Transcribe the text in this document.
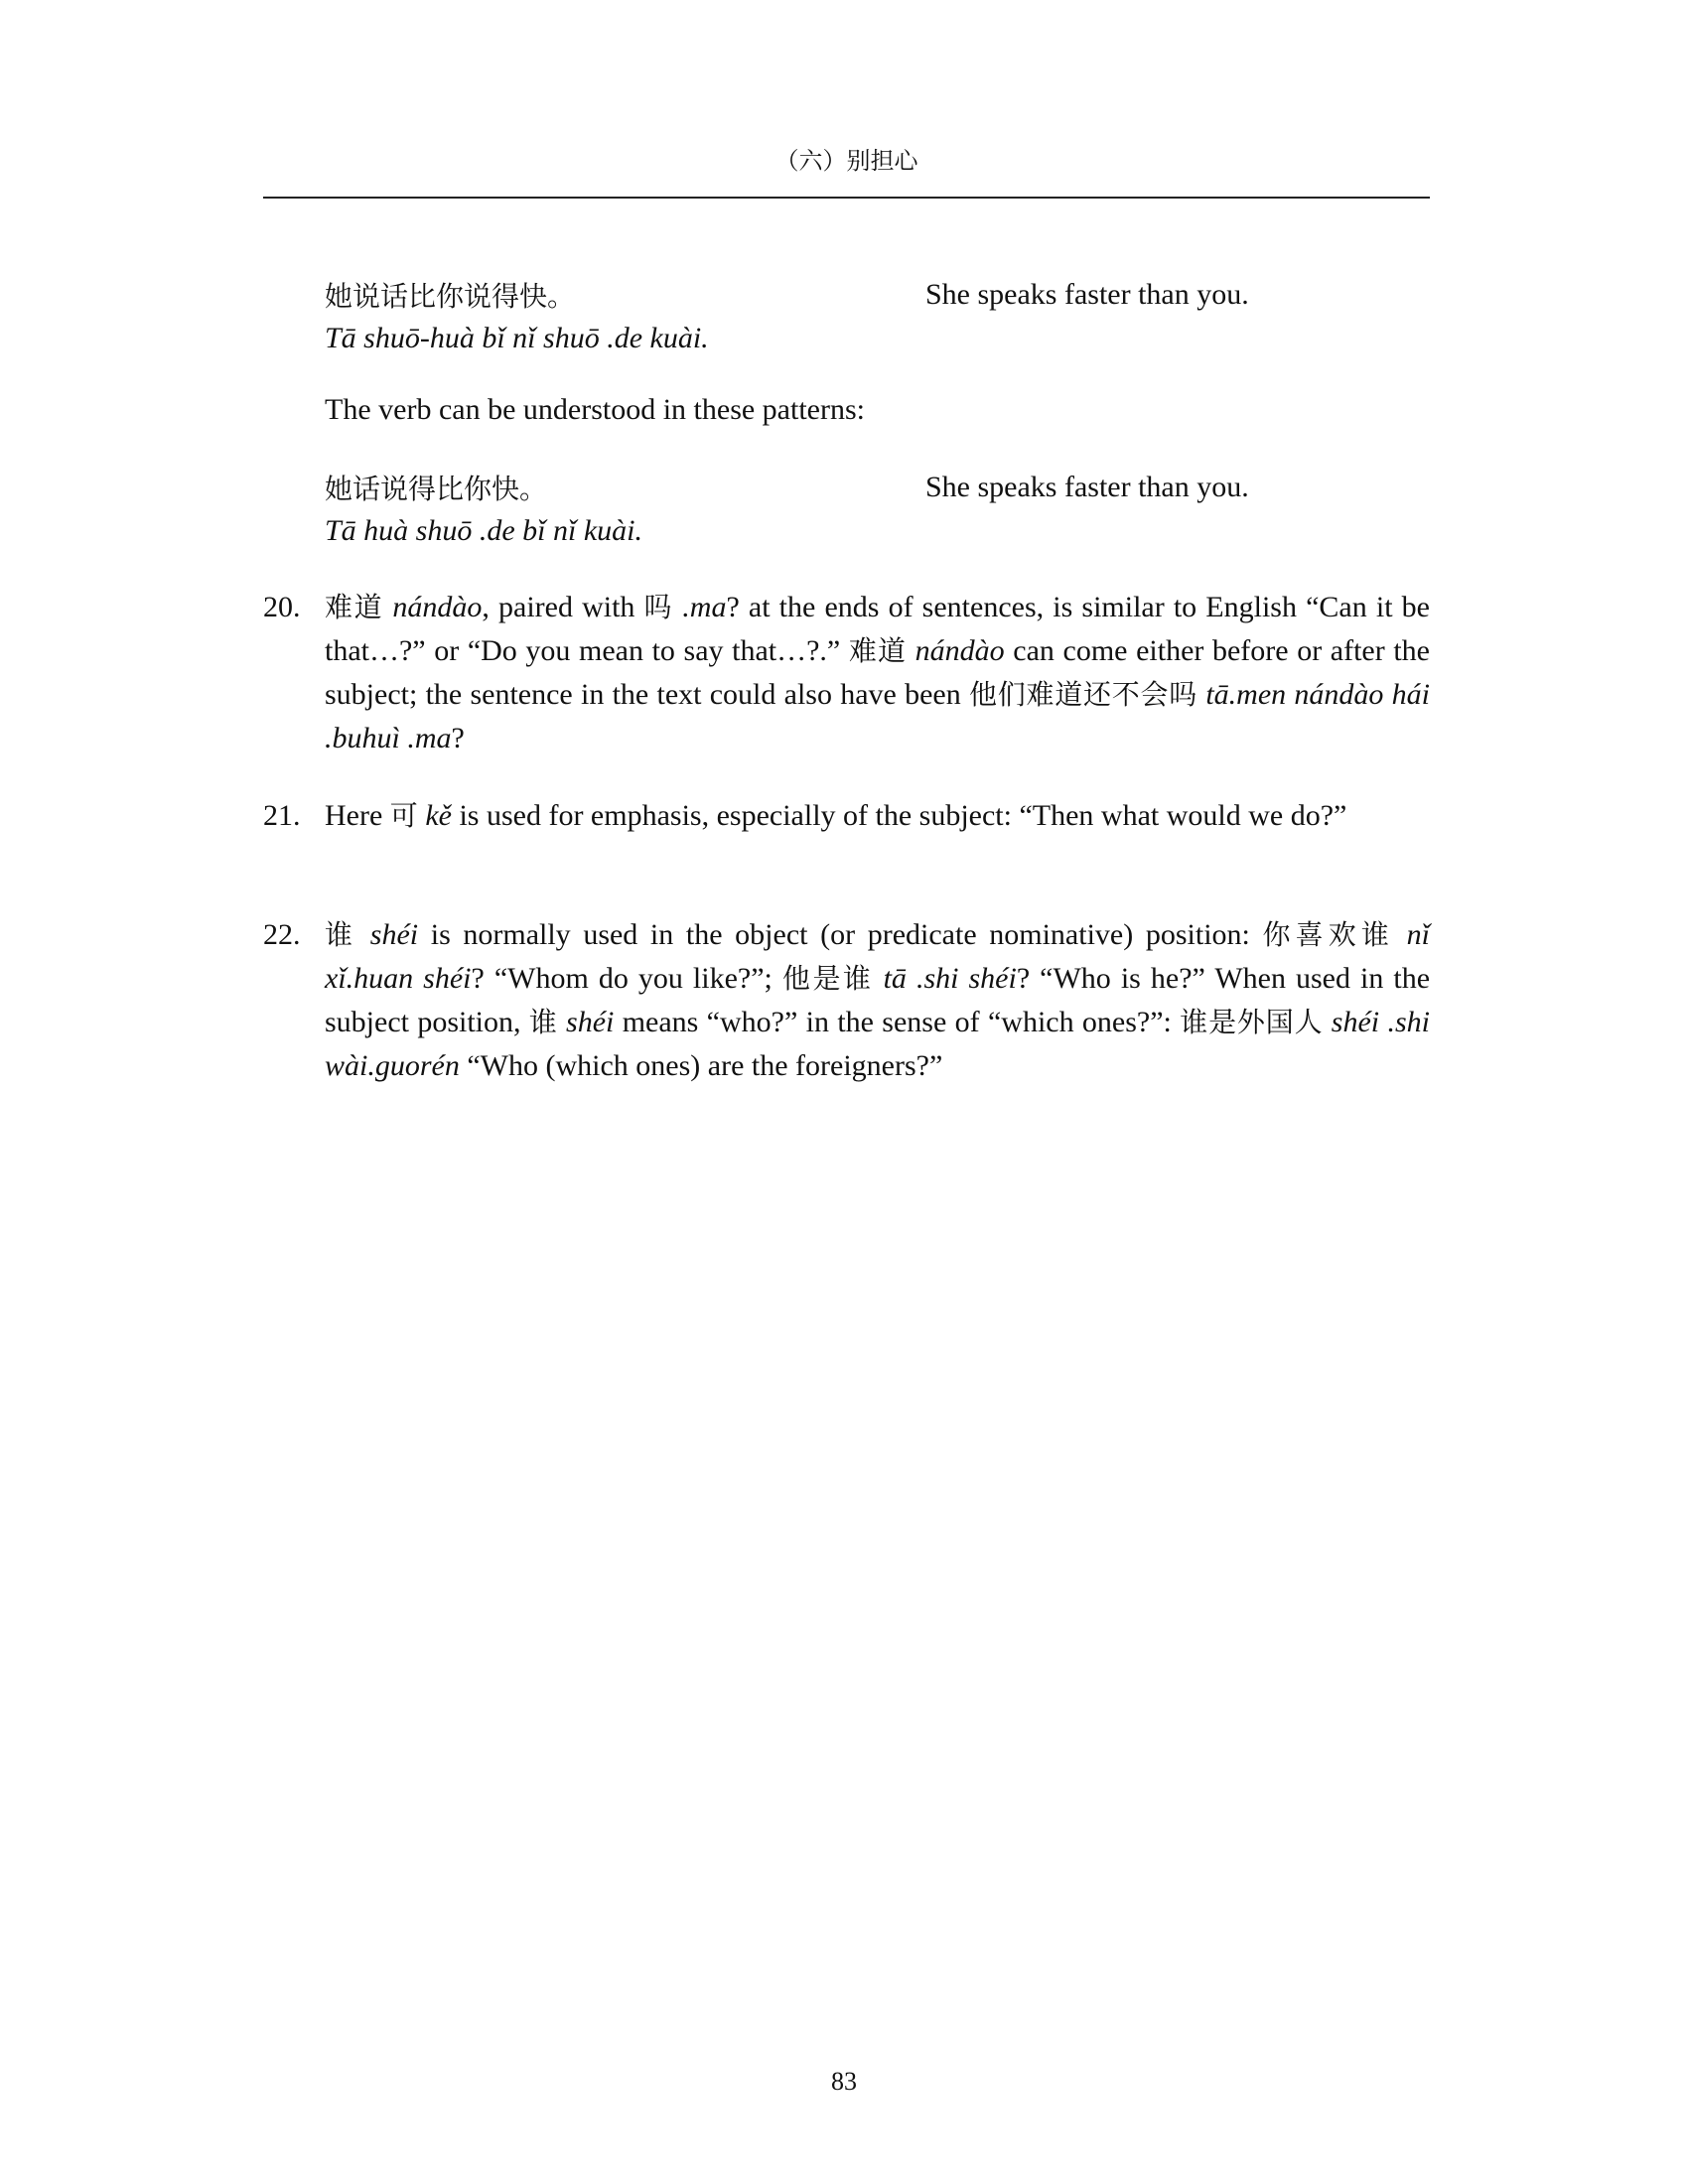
（六）别担心
她说话比你说得快。
Tā shuō-huà bǐ nǐ shuō .de kuài.
She speaks faster than you.
The verb can be understood in these patterns:
她话说得比你快。
Tā huà shuō .de bǐ nǐ kuài.
She speaks faster than you.
20. 难道 nándào, paired with 吗 .ma? at the ends of sentences, is similar to English “Can it be that…?” or “Do you mean to say that…?.” 难道 nándào can come either before or after the subject; the sentence in the text could also have been 他们难道还不会吗 tā.men nándào hái .buhuì .ma?
21. Here 可 kě is used for emphasis, especially of the subject: “Then what would we do?”
22. 谁 shéi is normally used in the object (or predicate nominative) position: 你喜欢谁 nǐ xǐ.huan shéi? “Whom do you like?”; 他是谁 tā .shi shéi? “Who is he?” When used in the subject position, 谁 shéi means “who?” in the sense of “which ones?”: 谁是外国人 shéi .shi wài.guorén “Who (which ones) are the foreigners?”
83
